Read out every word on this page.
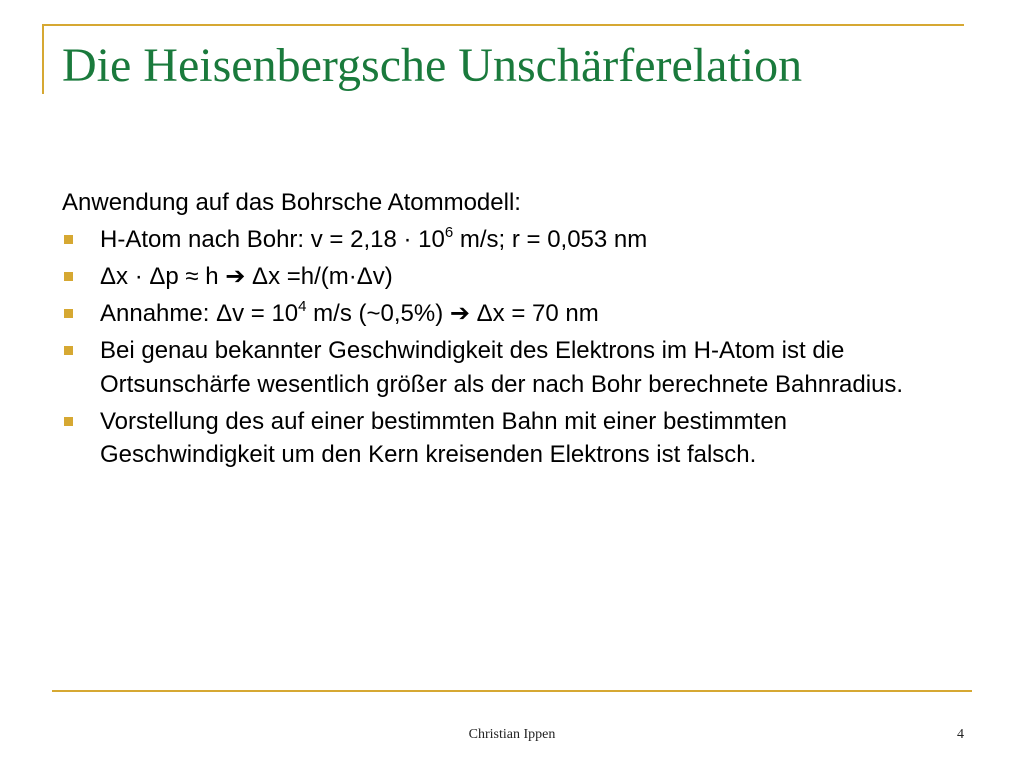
Die Heisenbergsche Unschärferelation

Anwendung auf das Bohrsche Atommodell:

H-Atom nach Bohr: $v = 2,18 \cdot 10^6$ m/s; r = 0,053 nm
Δx · Δp ≈ h ➔ Δx =h/(m·Δv)
Annahme: $\Delta v = 10^4$ m/s (~0,5%) ➔ Δx = 70 nm
Bei genau bekannter Geschwindigkeit des Elektrons im H-Atom ist die Ortsunschärfe wesentlich größer als der nach Bohr berechnete Bahnradius.
Vorstellung des auf einer bestimmten Bahn mit einer bestimmten Geschwindigkeit um den Kern kreisenden Elektrons ist falsch.
Christian Ippen	4
